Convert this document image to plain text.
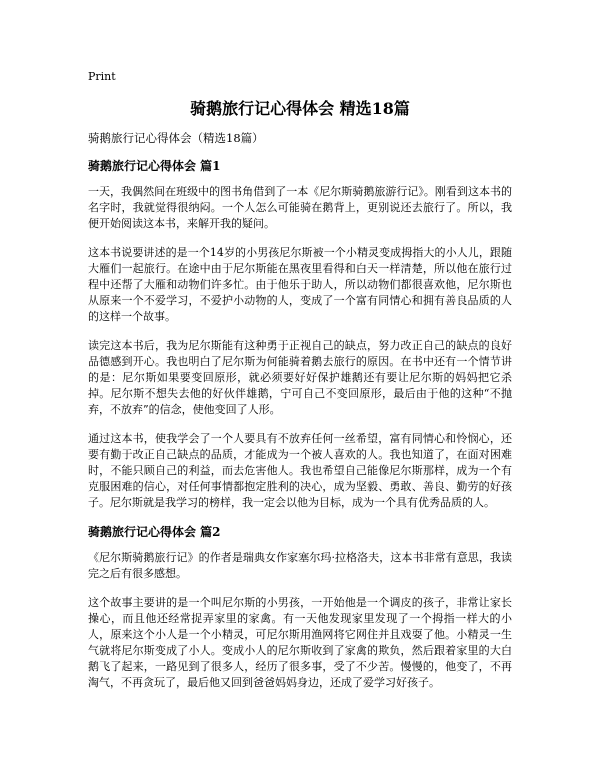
Print
骑鹅旅行记心得体会 精选18篇
骑鹅旅行记心得体会（精选18篇）
骑鹅旅行记心得体会 篇1

一天，我偶然间在班级中的图书角借到了一本《尼尔斯骑鹅旅游行记》。刚看到这本书的名字时，我就觉得很纳闷。一个人怎么可能骑在鹅背上，更别说还去旅行了。所以，我便开始阅读这本书，来解开我的疑问。

这本书说要讲述的是一个14岁的小男孩尼尔斯被一个小精灵变成拇指大的小人儿，跟随大雁们一起旅行。在途中由于尼尔斯能在黑夜里看得和白天一样清楚，所以他在旅行过程中还帮了大雁和动物们许多忙。由于他乐于助人，所以动物们都很喜欢他，尼尔斯也从原来一个不爱学习，不爱护小动物的人，变成了一个富有同情心和拥有善良品质的人的这样一个故事。

读完这本书后，我为尼尔斯能有这种勇于正视自己的缺点，努力改正自己的缺点的良好品德感到开心。我也明白了尼尔斯为何能骑着鹅去旅行的原因。在书中还有一个情节讲的是：尼尔斯如果要变回原形，就必须要好好保护雄鹅还有要让尼尔斯的妈妈把它杀掉。尼尔斯不想失去他的好伙伴雄鹅，宁可自己不变回原形，最后由于他的这种“不抛弃，不放弃”的信念，使他变回了人形。

通过这本书，使我学会了一个人要具有不放弃任何一丝希望，富有同情心和怜悯心，还要有勤于改正自己缺点的品质，才能成为一个被人喜欢的人。我也知道了，在面对困难时，不能只顾自己的利益，而去危害他人。我也希望自己能像尼尔斯那样，成为一个有克服困难的信心，对任何事情都抱定胜利的决心，成为坚毅、勇敢、善良、勤劳的好孩子。尼尔斯就是我学习的榜样，我一定会以他为目标，成为一个具有优秀品质的人。

骑鹅旅行记心得体会 篇2

《尼尔斯骑鹅旅行记》的作者是瑞典女作家塞尔玛·拉格洛夫，这本书非常有意思，我读完之后有很多感想。

这个故事主要讲的是一个叫尼尔斯的小男孩，一开始他是一个调皮的孩子，非常让家长操心，而且他还经常捉弄家里的家禽。有一天他发现家里发现了一个拇指一样大的小人，原来这个小人是一个小精灵，可尼尔斯用渔网将它网住并且戏耍了他。小精灵一生气就将尼尔斯变成了小人。变成小人的尼尔斯收到了家禽的欺负，然后跟着家里的大白鹅飞了起来，一路见到了很多人，经历了很多事，受了不少苦。慢慢的，他变了，不再淘气，不再贪玩了，最后他又回到爸爸妈妈身边，还成了爱学习好孩子。
